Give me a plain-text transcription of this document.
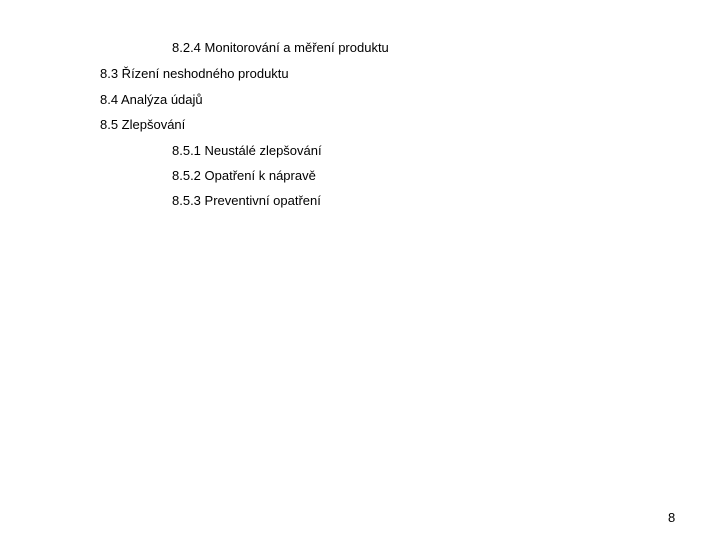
8.2.4 Monitorování a měření produktu
8.3 Řízení neshodného produktu
8.4 Analýza údajů
8.5 Zlepšování
8.5.1 Neustálé zlepšování
8.5.2 Opatření k nápravě
8.5.3 Preventivní opatření
8
